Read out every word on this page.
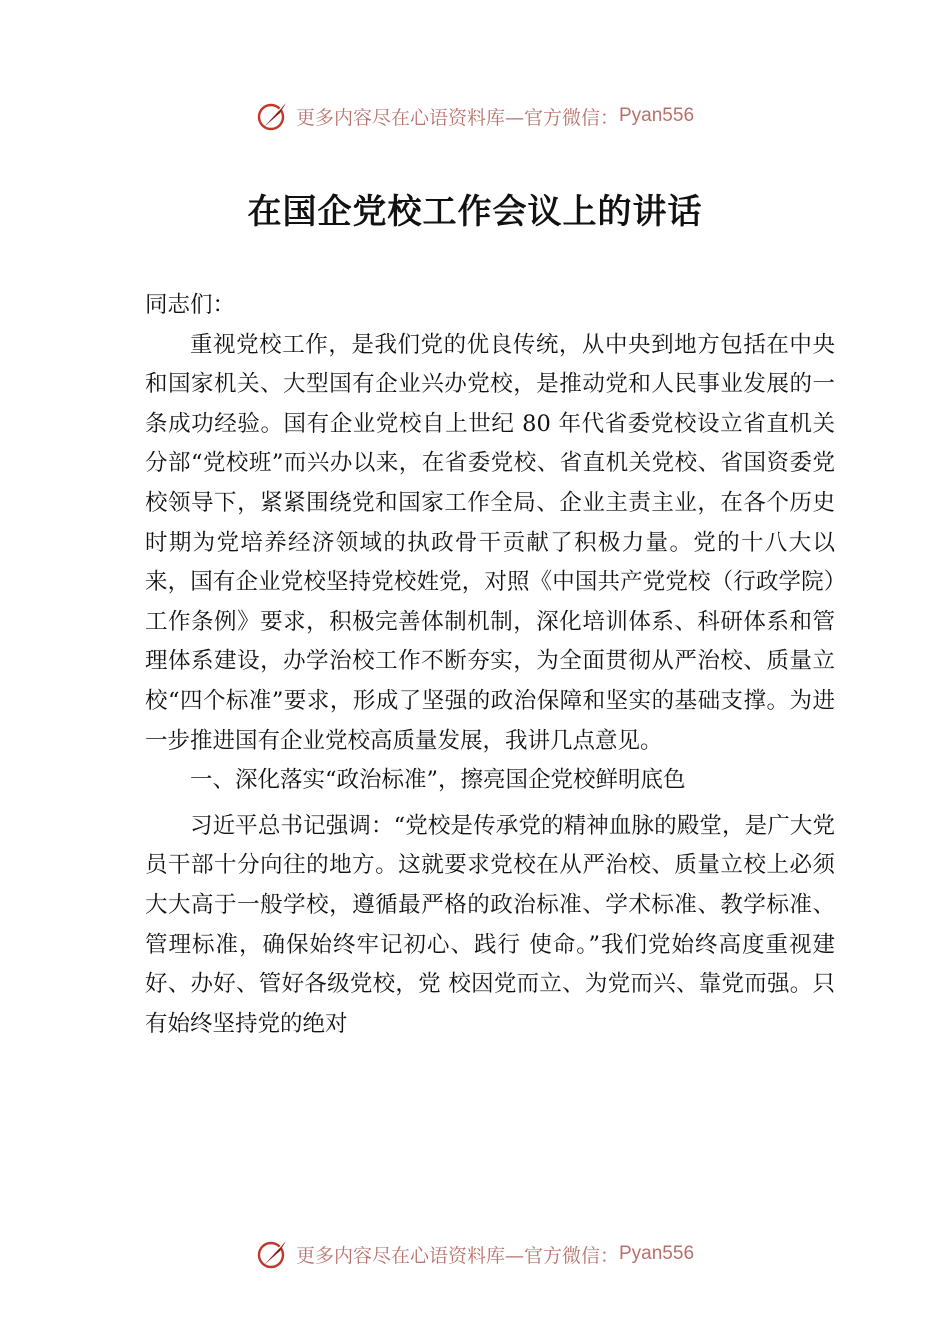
更多内容尽在心语资料库—官方微信： Pyan556
在国企党校工作会议上的讲话

同志们：

重视党校工作，是我们党的优良传统，从中央到地方包括在中央和国家机关、大型国有企业兴办党校，是推动党和人民事业发展的一条成功经验。国有企业党校自上世纪 80 年代省委党校设立省直机关分部“党校班”而兴办以来，在省委党校、省直机关党校、省国资委党校领导下，紧紧围绕党和国家工作全局、企业主责主业，在各个历史时期为党培养经济领域的执政骨干贡献了积极力量。党的十八大以来，国有企业党校坚持党校姓党，对照《中国共产党党校（行政学院）工作条例》要求，积极完善体制机制，深化培训体系、科研体系和管理体系建设，办学治校工作不断夯实，为全面贯彻从严治校、质量立校“四个标准”要求，形成了坚强的政治保障和坚实的基础支撑。为进一步推进国有企业党校高质量发展，我讲几点意见。

一、深化落实“政治标准”，擦亮国企党校鲜明底色

习近平总书记强调：“党校是传承党的精神血脉的殿堂，是广大党员干部十分向往的地方。这就要求党校在从严治校、质量立校上必须大大高于一般学校，遵循最严格的政治标准、学术标准、教学标准、管理标准，确保始终牢记初心、践行 使命。”我们党始终高度重视建好、办好、管好各级党校，党 校因党而立、为党而兴、靠党而强。只有始终坚持党的绝对

更多内容尽在心语资料库—官方微信： Pyan556
